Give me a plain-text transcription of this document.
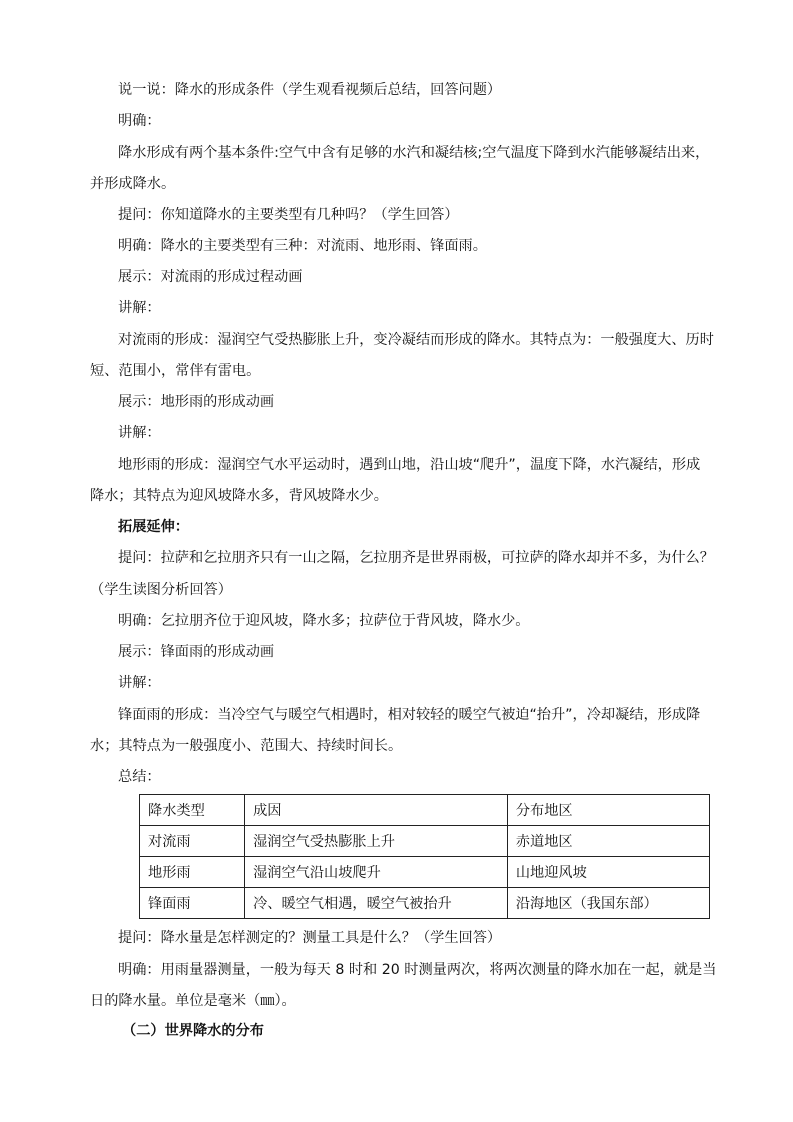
说一说：降水的形成条件（学生观看视频后总结，回答问题）

明确：

降水形成有两个基本条件:空气中含有足够的水汽和凝结核;空气温度下降到水汽能够凝结出来，

并形成降水。

提问：你知道降水的主要类型有几种吗？（学生回答）

明确：降水的主要类型有三种：对流雨、地形雨、锋面雨。

展示：对流雨的形成过程动画

讲解：

对流雨的形成：湿润空气受热膨胀上升，变冷凝结而形成的降水。其特点为：一般强度大、历时

短、范围小，常伴有雷电。

展示：地形雨的形成动画

讲解：

地形雨的形成：湿润空气水平运动时，遇到山地，沿山坡“爬升”，温度下降，水汽凝结，形成

降水；其特点为迎风坡降水多，背风坡降水少。

拓展延伸：

提问：拉萨和乞拉朋齐只有一山之隔，乞拉朋齐是世界雨极，可拉萨的降水却并不多，为什么？

（学生读图分析回答）

明确：乞拉朋齐位于迎风坡，降水多；拉萨位于背风坡，降水少。

展示：锋面雨的形成动画

讲解：

锋面雨的形成：当冷空气与暖空气相遇时，相对较轻的暖空气被迫“抬升”，冷却凝结，形成降

水；其特点为一般强度小、范围大、持续时间长。

总结：

降水类型	成因	分布地区
对流雨	湿润空气受热膨胀上升	赤道地区
地形雨	湿润空气沿山坡爬升	山地迎风坡
锋面雨	冷、暖空气相遇，暖空气被抬升	沿海地区（我国东部）

提问：降水量是怎样测定的？测量工具是什么？（学生回答）

明确：用雨量器测量，一般为每天 8 时和 20 时测量两次，将两次测量的降水加在一起，就是当

日的降水量。单位是毫米（㎜）。

（二）世界降水的分布
